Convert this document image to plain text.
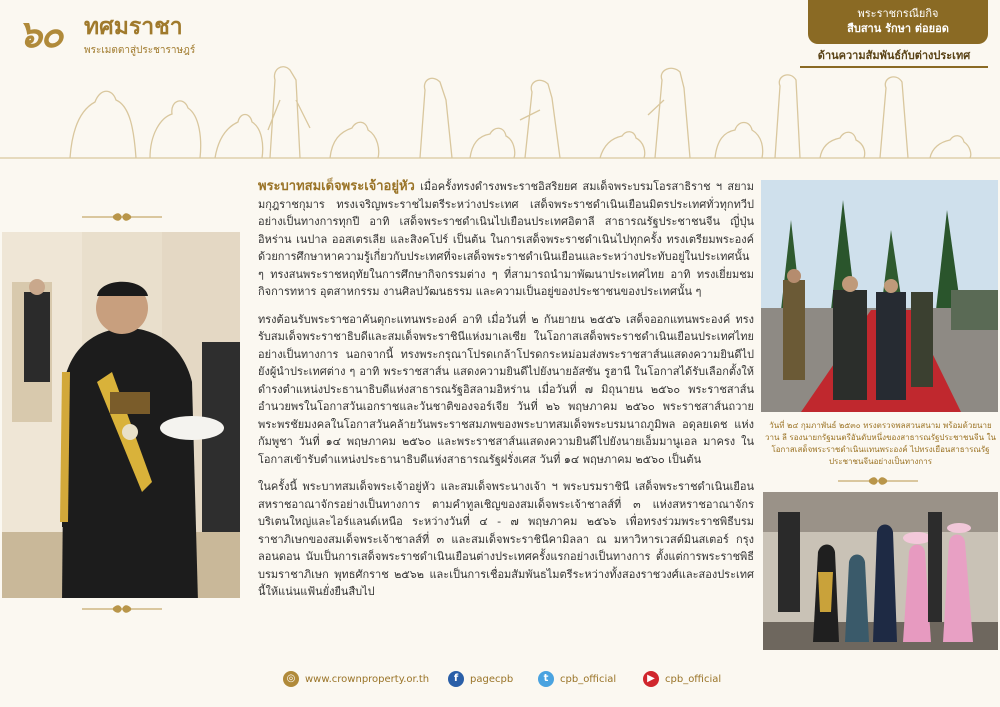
๖๐ ทศมราชา
พระเมตตาสู่ประชาราษฎร์
พระราชกรณียกิจ
สืบสาน รักษา ต่อยอด
ด้านความสัมพันธ์กับต่างประเทศ

พระบาทสมเด็จพระเจ้าอยู่หัว เมื่อครั้งทรงดำรงพระราชอิสริยยศ สมเด็จพระบรมโอรสาธิราช ฯ สยามมกุฎราชกุมาร ทรงเจริญพระราชไมตรีระหว่างประเทศ เสด็จพระราชดำเนินเยือนมิตรประเทศทั่วทุกทวีปอย่างเป็นทางการทุกปี อาทิ เสด็จพระราชดำเนินไปเยือนประเทศอิตาลี สาธารณรัฐประชาชนจีน ญี่ปุ่น อิหร่าน เนปาล ออสเตรเลีย และสิงคโปร์ เป็นต้น ในการเสด็จพระราชดำเนินไปทุกครั้ง ทรงเตรียมพระองค์ด้วยการศึกษาหาความรู้เกี่ยวกับประเทศที่จะเสด็จพระราชดำเนินเยือนและระหว่างประทับอยู่ในประเทศนั้น ๆ ทรงสนพระราชหฤทัยในการศึกษากิจกรรมต่าง ๆ ที่สามารถนำมาพัฒนาประเทศไทย อาทิ ทรงเยี่ยมชมกิจการทหาร อุตสาหกรรม งานศิลปวัฒนธรรม และความเป็นอยู่ของประชาชนของประเทศนั้น ๆ

ทรงต้อนรับพระราชอาคันตุกะแทนพระองค์ อาทิ เมื่อวันที่ ๒ กันยายน ๒๕๕๖ เสด็จออกแทนพระองค์ ทรงรับสมเด็จพระราชาธิบดีและสมเด็จพระราชินีแห่งมาเลเซีย ในโอกาสเสด็จพระราชดำเนินเยือนประเทศไทยอย่างเป็นทางการ นอกจากนี้ ทรงพระกรุณาโปรดเกล้าโปรดกระหม่อมส่งพระราชสาส์นแสดงความยินดีไปยังผู้นำประเทศต่าง ๆ อาทิ พระราชสาส์น แสดงความยินดีไปยังนายอัสซัน รูฮานี ในโอกาสได้รับเลือกตั้งให้ดำรงตำแหน่งประธานาธิบดีแห่งสาธารณรัฐอิสลามอิหร่าน เมื่อวันที่ ๗ มิถุนายน ๒๕๖๐ พระราชสาส์นอำนวยพรในโอกาสวันเอกราชและวันชาติของจอร์เจีย วันที่ ๒๖ พฤษภาคม ๒๕๖๐ พระราชสาส์นถวายพระพรชัยมงคลในโอกาสวันคล้ายวันพระราชสมภพของพระบาทสมเด็จพระบรมนาถภูมิพล อดุลยเดช แห่งกัมพูชา วันที่ ๑๔ พฤษภาคม ๒๕๖๐ และพระราชสาส์นแสดงความยินดีไปยังนายเอ็มมานูเอล มาครง ในโอกาสเข้ารับตำแหน่งประธานาธิบดีแห่งสาธารณรัฐฝรั่งเศส วันที่ ๑๔ พฤษภาคม ๒๕๖๐ เป็นต้น

ในครั้งนี้ พระบาทสมเด็จพระเจ้าอยู่หัว และสมเด็จพระนางเจ้า ฯ พระบรมราชินี เสด็จพระราชดำเนินเยือนสหราชอาณาจักรอย่างเป็นทางการ ตามคำทูลเชิญของสมเด็จพระเจ้าชาลส์ที่ ๓ แห่งสหราชอาณาจักรบริเตนใหญ่และไอร์แลนด์เหนือ ระหว่างวันที่ ๔ - ๗ พฤษภาคม ๒๕๖๖ เพื่อทรงร่วมพระราชพิธีบรมราชาภิเษกของสมเด็จพระเจ้าชาลส์ที่ ๓ และสมเด็จพระราชินีคามิลลา ณ มหาวิหารเวสต์มินสเตอร์ กรุงลอนดอน นับเป็นการเสด็จพระราชดำเนินเยือนต่างประเทศครั้งแรกอย่างเป็นทางการ ตั้งแต่การพระราชพิธีบรมราชาภิเษก พุทธศักราช ๒๕๖๒ และเป็นการเชื่อมสัมพันธไมตรีระหว่างทั้งสองราชวงศ์และสองประเทศนี้ให้แน่นแฟ้นยั่งยืนสืบไป

วันที่ ๒๔ กุมภาพันธ์ ๒๕๓๐ ทรงตรวจพลสวนสนาม พร้อมด้วยนายวาน ลี รองนายกรัฐมนตรีอันดับหนึ่งของสาธารณรัฐประชาชนจีน ในโอกาสเสด็จพระราชดำเนินแทนพระองค์ ไปทรงเยือนสาธารณรัฐประชาชนจีนอย่างเป็นทางการ
◎ www.crownproperty.or.th	f pagecpb	t cpb_official	▶ cpb_official
